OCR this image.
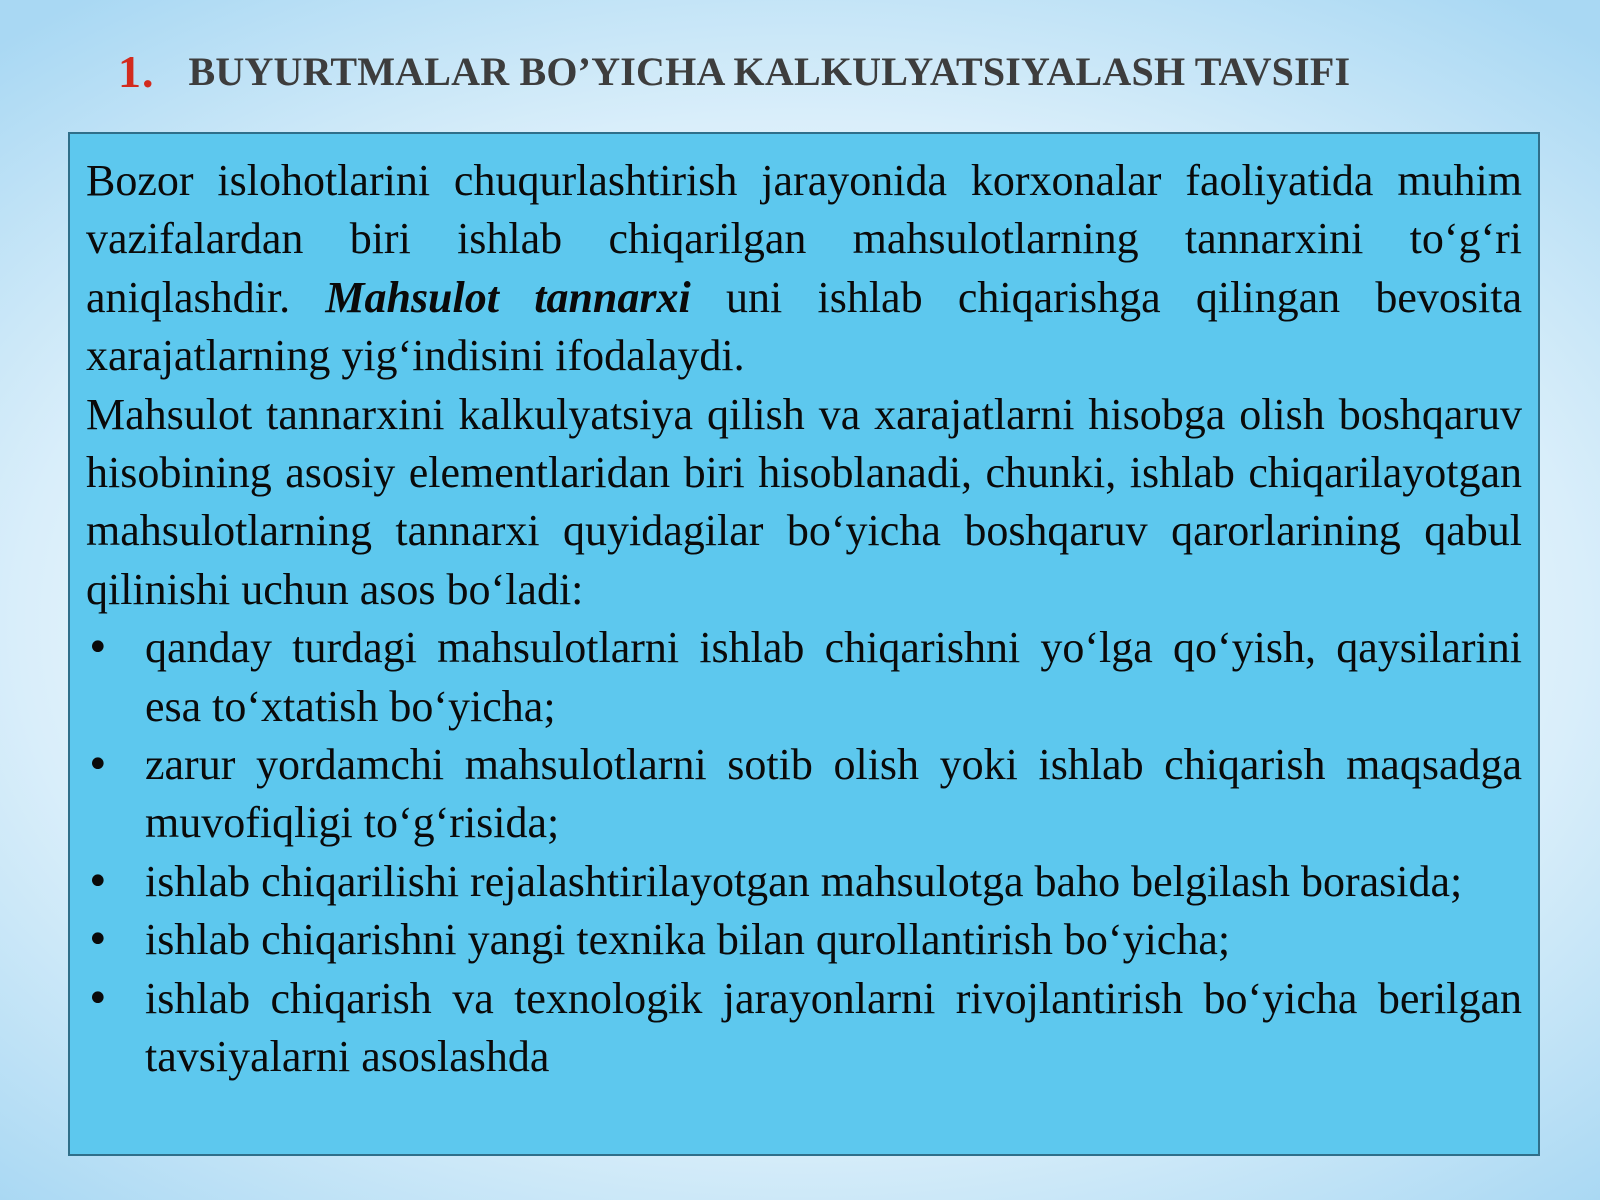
1. BUYURTMALAR BO’YICHA KALKULYATSIYALASH TAVSIFI

Bozor islohotlarini chuqurlashtirish jarayonida korxonalar faoliyatida muhim vazifalardan biri ishlab chiqarilgan mahsulotlarning tannarxini to‘g‘ri aniqlashdir. Mahsulot tannarxi uni ishlab chiqarishga qilingan bevosita xarajatlarning yig‘indisini ifodalaydi.

Mahsulot tannarxini kalkulyatsiya qilish va xarajatlarni hisobga olish boshqaruv hisobining asosiy elementlaridan biri hisoblanadi, chunki, ishlab chiqarilayotgan mahsulotlarning tannarxi quyidagilar bo‘yicha boshqaruv qarorlarining qabul qilinishi uchun asos bo‘ladi:

• qanday turdagi mahsulotlarni ishlab chiqarishni yo‘lga qo‘yish, qaysilarini esa to‘xtatish bo‘yicha;
• zarur yordamchi mahsulotlarni sotib olish yoki ishlab chiqarish maqsadga muvofiqligi to‘g‘risida;
• ishlab chiqarilishi rejalashtirilayotgan mahsulotga baho belgilash borasida;
• ishlab chiqarishni yangi texnika bilan qurollantirish bo‘yicha;
• ishlab chiqarish va texnologik jarayonlarni rivojlantirish bo‘yicha berilgan tavsiyalarni asoslashda
